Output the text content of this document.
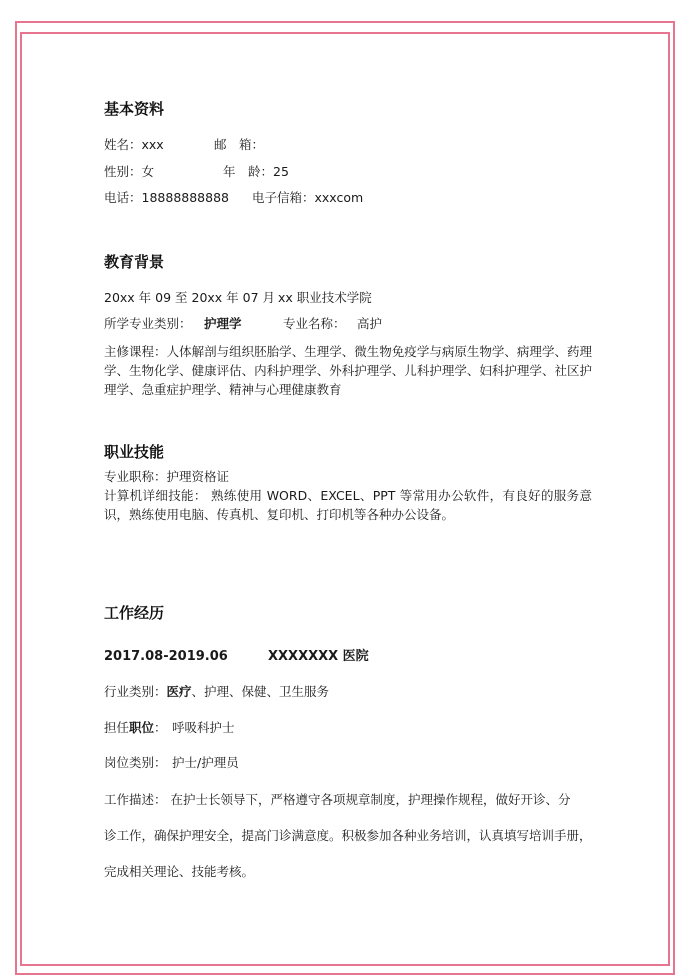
基本资料
姓名：xxx	邮　箱：
性别：女	年　龄：25
电话：18888888888 电子信箱：xxxcom
教育背景
20xx 年 09 至 20xx 年 07 月 xx 职业技术学院
所学专业类别： 护理学	专业名称： 高护
主修课程：人体解剖与组织胚胎学、生理学、微生物免疫学与病原生物学、病理学、药理学、生物化学、健康评估、内科护理学、外科护理学、儿科护理学、妇科护理学、社区护理学、急重症护理学、精神与心理健康教育
职业技能
专业职称：护理资格证
计算机详细技能： 熟练使用 WORD、EXCEL、PPT 等常用办公软件，有良好的服务意识，熟练使用电脑、传真机、复印机、打印机等各种办公设备。
工作经历
2017.08-2019.06	XXXXXXX 医院
行业类别：医疗、护理、保健、卫生服务
担任职位： 呼吸科护士
岗位类别： 护士/护理员
工作描述： 在护士长领导下，严格遵守各项规章制度，护理操作规程，做好开诊、分
诊工作，确保护理安全，提高门诊满意度。积极参加各种业务培训，认真填写培训手册，
完成相关理论、技能考核。
